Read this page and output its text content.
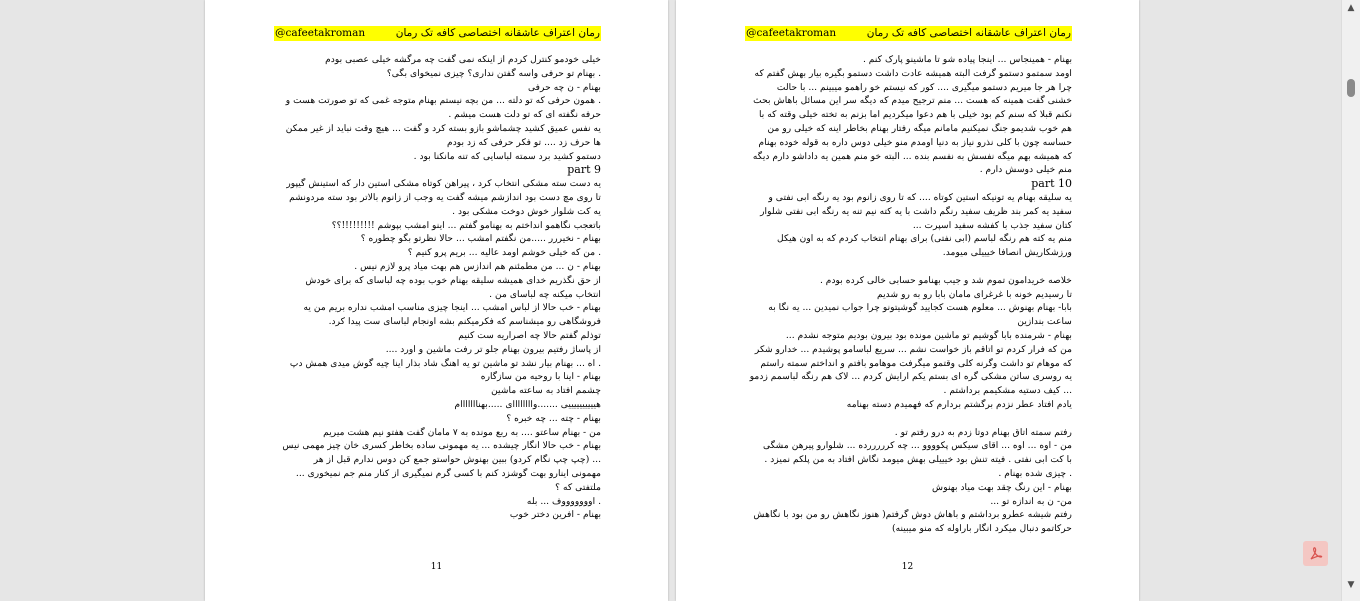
@cafeetakroman	رمان اعتراف عاشقانه اختصاصی کافه تک رمان
خیلی خودمو کنترل کردم از اینکه نمی گفت چه مرگشه خیلی عصبی بودم
. بهنام تو حرفی واسه گفتن نداری؟ چیزی نمیخوای بگی؟
بهنام - ن چه حرفی
. همون حرفی که تو دلته ... من بچه نیستم بهنام متوجه غمی که تو صورتت هست و
حرفه نگفته ای که تو دلت هست میشم .
یه نفس عمیق کشید چشماشو بازو بسته کرد و گفت ... هیچ وقت نباید از غیر ممکن
ها حرف زد .... تو فکر حرفی که زد بودم
دستمو کشید برد سمته لباسایی که تنه مانکنا بود .
part 9
یه دست سته مشکی انتخاب کرد ، پیراهن کوتاه مشکی استین دار که استینش گیپور
تا روی مچ دست بود اندازشم میشه گفت یه وجب از زانوم بالاتر بود سته مردونشم
یه کت شلوار خوش دوخت مشکی بود .
باتعجب نگاهمو انداختم به بهنامو گفتم ... اینو امشب بپوشم !!!!!!!!!؟؟
بهنام - نخیررر .....من نگفتم امشب ... حالا نظرتو بگو چطوره ؟
. من که خیلی خوشم اومد عالیه ... بریم پرو کنیم ؟
بهنام - ن ... من مطمئنم هم اندازس هم بهت میاد پرو لازم نیس .
از حق نگذریم خدای همیشه سلیقه بهنام خوب بوده چه لباسای که برای خودش
انتخاب میکنه چه لباسای من .
بهنام - خب حالا از لباس امشب ... اینجا چیزی مناسب امشب نداره بریم من یه
فروشگاهی رو میشناسم که فکرمیکنم بشه اونجام لباسای ست پیدا کرد.
توذلم گفتم حالا چه اصراریه ست کنیم
از پاساژ رفتیم بیرون بهنام جلو تر رفت ماشین و اورد ....
. اه ... بهنام بیار نشد تو ماشین تو یه اهنگ شاد بذار اینا چیه گوش میدی همش دپ
بهنام - اینا با روحیه من سازگاره
چشمم افتاد به ساعته ماشین
هییییییییییی .......واااااااای .....بهنااااااام
بهنام - چته ... چه خبره ؟
من - بهنام ساعتو .... به ربع مونده به ۷ مامان گفت هفتو نیم هشت میریم
بهنام - خب حالا انگار چیشده ... یه مهمونی ساده بخاطر کسری خان چیز مهمی نیس
... (چپ چپ نگام کردو) ببین بهنوش حواستو جمع کن دوس ندارم قبل از هر
مهمونی اینارو بهت گوشزد کنم با کسی گرم نمیگیری از کنار منم جم نمیخوری ...
ملتفتی که ؟
. اوووووووف ... بله
بهنام - افرین دختر خوب
11
@cafeetakroman	رمان اعتراف عاشقانه اختصاصی کافه تک رمان
بهنام - همینجاس ... اینجا پیاده شو تا ماشینو پارک کنم .
اومد سمتمو دستمو گرفت البته همیشه عادت داشت دستمو بگیره بیار بهش گفتم که
چرا هر جا میریم دستمو میگیری .... کور که نیستم خو راهمو میبینم ... با حالت
خشنی گفت همینه که هست ... منم ترجیح میدم که دیگه سر این مسائل باهاش بحث
نکنم قبلا که سنم کم بود خیلی با هم دعوا میکردیم اما بزنم به تخته خیلی وقته که با
هم خوب شدیمو جنگ نمیکنیم مامانم میگه رفتار بهنام بخاطر اینه که خیلی رو من
حساسه چون با کلی نذرو نیاز به دنیا اومدم منو خیلی دوس داره به قوله خوده بهنام
که همیشه بهم میگه نفسش به نفسم بنده ... البته خو منم همین یه داداشو دارم دیگه
منم خیلی دوسش دارم .
part 10
یه سلیقه بهنام یه تونیکه استین کوتاه .... که تا روی زانوم بود یه رنگه ابی نفتی و
سفید یه کمر بند ظریف سفید رنگم داشت با یه کته نیم تنه یه رنگه ابی نفتی شلوار
کتان سفید جذب با کفشه سفید اسپرت ...
منم یه کته هم رنگه لباسم (ابی نفتی) برای بهنام انتخاب کردم که به اون هیکل
ورزشکاریش انصافا خیییلی میومد.
خلاصه خریدامون تموم شد و جیب بهنامو حسابی خالی کرده بودم .
تا رسیدیم خونه با غرغرای مامان بابا رو به رو شدیم
بابا- بهنام بهنوش ... معلوم هست کجایید گوشیتونو چرا جواب نمیدین ... یه نگا به
ساعت بندازین
بهنام - شرمنده بابا گوشیم تو ماشین مونده بود بیرون بودیم متوجه نشدم ...
من که فرار کردم تو اتاقم باز خواست نشم ... سریع لباسامو پوشیدم ... خدارو شکر
که موهام تو داشت وگرنه کلی وقتمو میگرفت موهامو بافتم و انداختم سمته راستم
یه روسری ساتن مشکی گره ای بستم یکم ارایش کردم ... لاک هم رنگه لباسمم زدمو
... کیف دستیه مشکیمم برداشتم .
یادم افتاد عطر نزدم برگشتم بردارم که فهمیدم دسته بهنامه
رفتم سمته اتاق بهنام دوتا زدم به درو رفتم تو .
من - اوه ... اوه ... اقای سیکس پکوووو ... چه کرررررده ... شلوارو پیرهن مشگی
با کت ابی نفتی . فیته تنش بود خیییلی بهش میومد نگاش افتاد به من پلکم نمیزد .
. چیزی شده بهنام .
بهنام - این رنگ چقد بهت میاد بهنوش
من- ن به اندازه تو ...
رفتم شیشه عطرو برداشتم و باهاش دوش گرفتم( هنوز نگاهش رو من بود با نگاهش
حرکاتمو دنبال میکرد انگار باراوله که منو میبینه)
12
▲
▼
